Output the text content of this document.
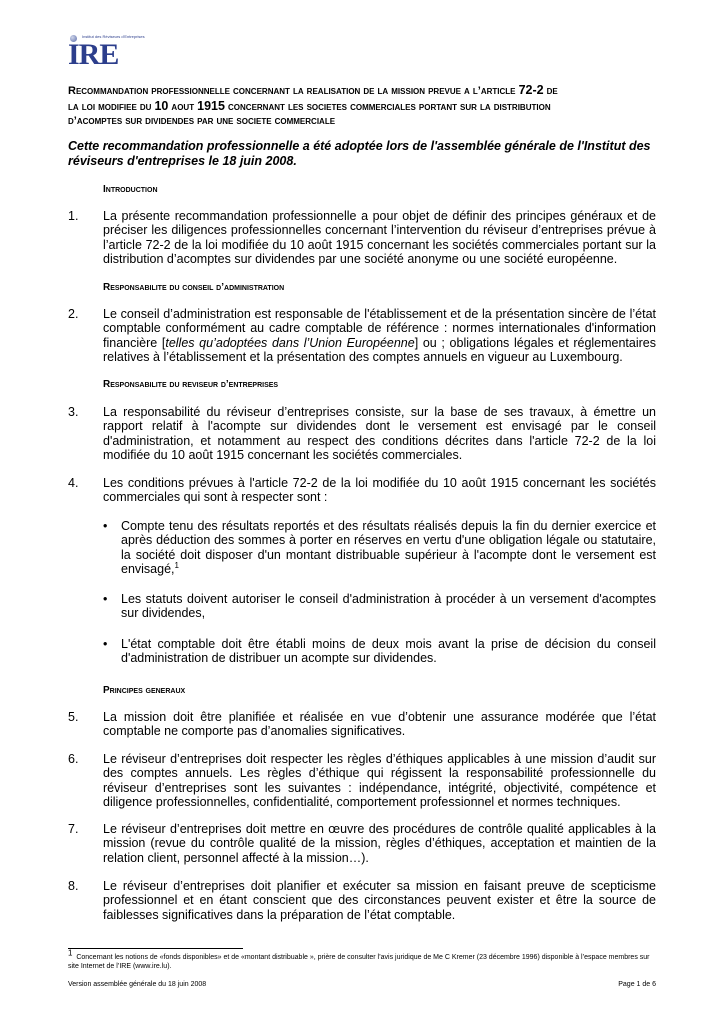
Institut des Réviseurs d'Entreprises
IRE
Recommandation professionnelle concernant la realisation de la mission prevue a l’article 72-2 de
la loi modifiee du 10 aout 1915 concernant les societes commerciales portant sur la distribution
d’acomptes sur dividendes par une societe commerciale
Cette recommandation professionnelle a été adoptée lors de l'assemblée générale de l'Institut des réviseurs d'entreprises le 18 juin 2008.
Introduction
1. La présente recommandation professionnelle a pour objet de définir des principes généraux et de préciser les diligences professionnelles concernant l’intervention du réviseur d’entreprises prévue à l’article 72-2 de la loi modifiée du 10 août 1915 concernant les sociétés commerciales portant sur la distribution d’acomptes sur dividendes par une société anonyme ou une société européenne.
Responsabilite du conseil d’administration
2. Le conseil d’administration est responsable de l'établissement et de la présentation sincère de l’état comptable conformément au cadre comptable de référence : normes internationales d'information financière [telles qu’adoptées dans l’Union Européenne] ou ; obligations légales et réglementaires relatives à l’établissement et la présentation des comptes annuels en vigueur au Luxembourg.
Responsabilite du reviseur d’entreprises
3. La responsabilité du réviseur d’entreprises consiste, sur la base de ses travaux, à émettre un rapport relatif à l'acompte sur dividendes dont le versement est envisagé par le conseil d'administration, et notamment au respect des conditions décrites dans l'article 72-2 de la loi modifiée du 10 août 1915 concernant les sociétés commerciales.
4. Les conditions prévues à l'article 72-2 de la loi modifiée du 10 août 1915 concernant les sociétés commerciales qui sont à respecter sont :
• Compte tenu des résultats reportés et des résultats réalisés depuis la fin du dernier exercice et après déduction des sommes à porter en réserves en vertu d'une obligation légale ou statutaire, la société doit disposer d'un montant distribuable supérieur à l'acompte dont le versement est envisagé,$^1$
• Les statuts doivent autoriser le conseil d'administration à procéder à un versement d'acomptes sur dividendes,
• L'état comptable doit être établi moins de deux mois avant la prise de décision du conseil d'administration de distribuer un acompte sur dividendes.
Principes generaux
5. La mission doit être planifiée et réalisée en vue d’obtenir une assurance modérée que l’état comptable ne comporte pas d’anomalies significatives.
6. Le réviseur d’entreprises doit respecter les règles d’éthiques applicables à une mission d’audit sur des comptes annuels. Les règles d’éthique qui régissent la responsabilité professionnelle du réviseur d’entreprises sont les suivantes : indépendance, intégrité, objectivité, compétence et diligence professionnelles, confidentialité, comportement professionnel et normes techniques.
7. Le réviseur d’entreprises doit mettre en œuvre des procédures de contrôle qualité applicables à la mission (revue du contrôle qualité de la mission, règles d’éthiques, acceptation et maintien de la relation client, personnel affecté à la mission…).
8. Le réviseur d’entreprises doit planifier et exécuter sa mission en faisant preuve de scepticisme professionnel et en étant conscient que des circonstances peuvent exister et être la source de faiblesses significatives dans la préparation de l’état comptable.
$^1$ Concernant les notions de «fonds disponibles» et de «montant distribuable », prière de consulter l’avis juridique de Me C Kremer (23 décembre 1996) disponible à l’espace membres sur site Internet de l’IRE (www.ire.lu).
Version assemblée générale du 18 juin 2008	Page 1 de 6
